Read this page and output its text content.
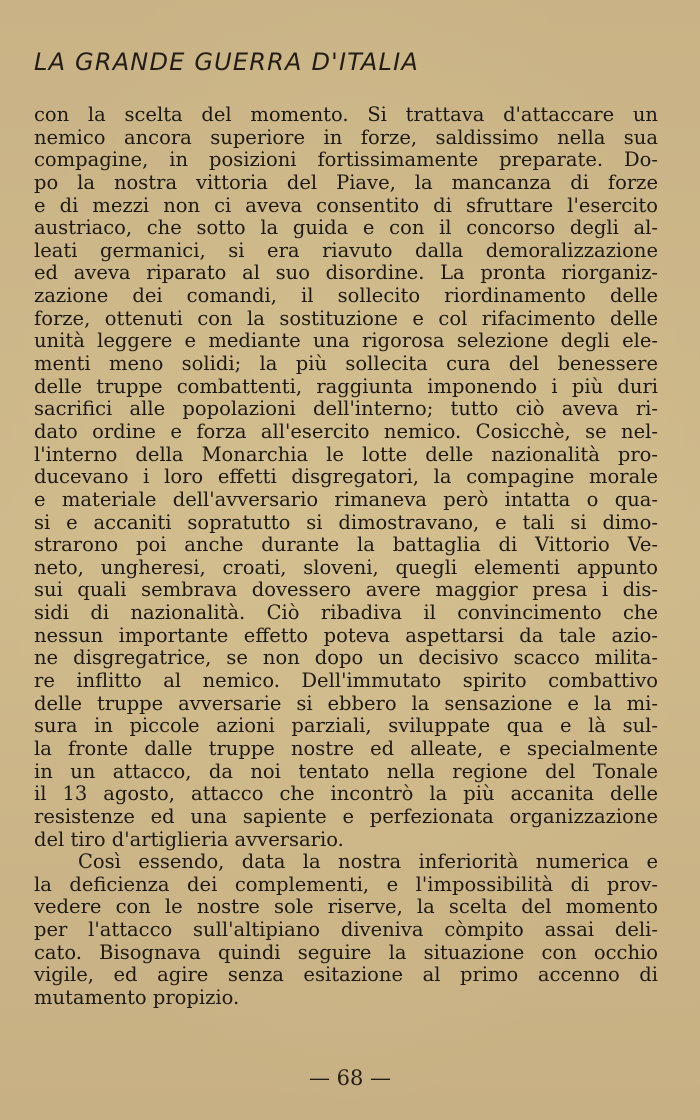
LA GRANDE GUERRA D'ITALIA
con la scelta del momento. Si trattava d'attaccare un
nemico ancora superiore in forze, saldissimo nella sua
compagine, in posizioni fortissimamente preparate. Do-
po la nostra vittoria del Piave, la mancanza di forze
e di mezzi non ci aveva consentito di sfruttare l'esercito
austriaco, che sotto la guida e con il concorso degli al-
leati germanici, si era riavuto dalla demoralizzazione
ed aveva riparato al suo disordine. La pronta riorganiz-
zazione dei comandi, il sollecito riordinamento delle
forze, ottenuti con la sostituzione e col rifacimento delle
unità leggere e mediante una rigorosa selezione degli ele-
menti meno solidi; la più sollecita cura del benessere
delle truppe combattenti, raggiunta imponendo i più duri
sacrifici alle popolazioni dell'interno; tutto ciò aveva ri-
dato ordine e forza all'esercito nemico. Cosicchè, se nel-
l'interno della Monarchia le lotte delle nazionalità pro-
ducevano i loro effetti disgregatori, la compagine morale
e materiale dell'avversario rimaneva però intatta o qua-
si e accaniti sopratutto si dimostravano, e tali si dimo-
strarono poi anche durante la battaglia di Vittorio Ve-
neto, ungheresi, croati, sloveni, quegli elementi appunto
sui quali sembrava dovessero avere maggior presa i dis-
sidi di nazionalità. Ciò ribadiva il convincimento che
nessun importante effetto poteva aspettarsi da tale azio-
ne disgregatrice, se non dopo un decisivo scacco milita-
re inflitto al nemico. Dell'immutato spirito combattivo
delle truppe avversarie si ebbero la sensazione e la mi-
sura in piccole azioni parziali, sviluppate qua e là sul-
la fronte dalle truppe nostre ed alleate, e specialmente
in un attacco, da noi tentato nella regione del Tonale
il 13 agosto, attacco che incontrò la più accanita delle
resistenze ed una sapiente e perfezionata organizzazione
del tiro d'artiglieria avversario.
Così essendo, data la nostra inferiorità numerica e
la deficienza dei complementi, e l'impossibilità di prov-
vedere con le nostre sole riserve, la scelta del momento
per l'attacco sull'altipiano diveniva còmpito assai deli-
cato. Bisognava quindi seguire la situazione con occhio
vigile, ed agire senza esitazione al primo accenno di
mutamento propizio.
— 68 —
